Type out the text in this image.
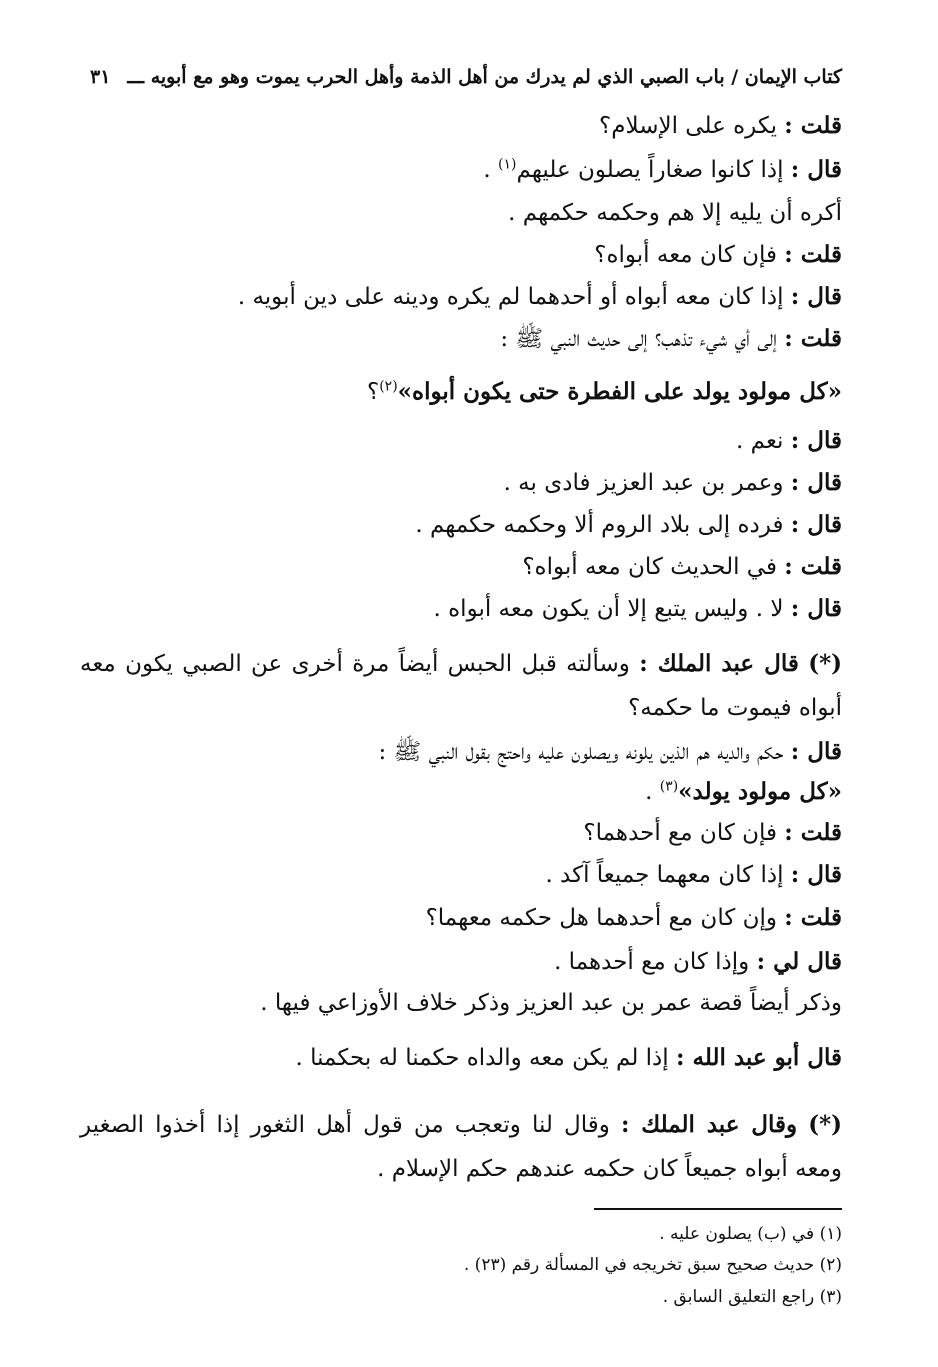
كتاب الإيمان / باب الصبي الذي لم يدرك من أهل الذمة وأهل الحرب يموت وهو مع أبويه ـــ
٣١
قلت : يكره على الإسلام؟
قال : إذا كانوا صغاراً يصلون عليهم$^{(١)}$ .
أكره أن يليه إلا هم وحكمه حكمهم .
قلت : فإن كان معه أبواه؟
قال : إذا كان معه أبواه أو أحدهما لم يكره ودينه على دين أبويه .
قلت : إلى أي شيء تذهب؟ إلى حديث النبي ﷺ :
«كل مولود يولد على الفطرة حتى يكون أبواه»$^{(٢)}$؟
قال : نعم .
قال : وعمر بن عبد العزيز فادى به .
قال : فرده إلى بلاد الروم ألا وحكمه حكمهم .
قلت : في الحديث كان معه أبواه؟
قال : لا . وليس يتبع إلا أن يكون معه أبواه .
(*) قال عبد الملك : وسألته قبل الحبس أيضاً مرة أخرى عن الصبي يكون معه أبواه فيموت ما حكمه؟
قال : حكم والديه هم الذين يلونه ويصلون عليه واحتج بقول النبي ﷺ :
«كل مولود يولد»$^{(٣)}$ .
قلت : فإن كان مع أحدهما؟
قال : إذا كان معهما جميعاً آكد .
قلت : وإن كان مع أحدهما هل حكمه معهما؟
قال لي : وإذا كان مع أحدهما .
وذكر أيضاً قصة عمر بن عبد العزيز وذكر خلاف الأوزاعي فيها .
قال أبو عبد الله : إذا لم يكن معه والداه حكمنا له بحكمنا .
(*) وقال عبد الملك : وقال لنا وتعجب من قول أهل الثغور إذا أخذوا الصغير ومعه أبواه جميعاً كان حكمه عندهم حكم الإسلام .
(١) في (ب) يصلون عليه .
(٢) حديث صحيح سبق تخريجه في المسألة رقم (٢٣) .
(٣) راجع التعليق السابق .
